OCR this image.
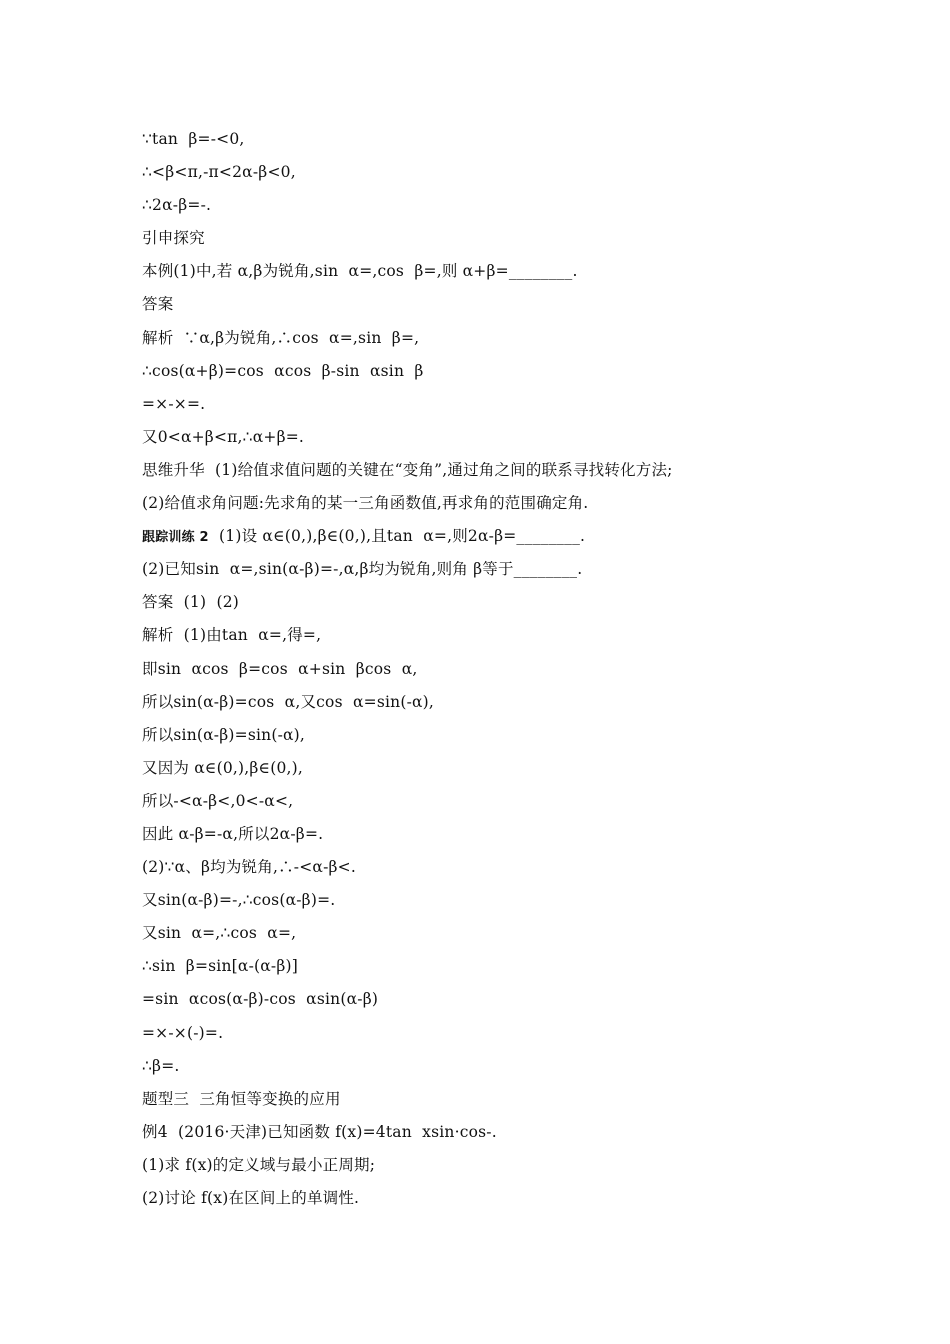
∵tan  β=-<0,
∴<β<π,-π<2α-β<0,
∴2α-β=-.
引申探究
本例(1)中,若 α,β为锐角,sin  α=,cos  β=,则 α+β=________.
答案
解析  ∵α,β为锐角,∴cos  α=,sin  β=,
∴cos(α+β)=cos  αcos  β-sin  αsin  β
=×-×=.
又0<α+β<π,∴α+β=.
思维升华  (1)给值求值问题的关键在“变角”,通过角之间的联系寻找转化方法;
(2)给值求角问题:先求角的某一三角函数值,再求角的范围确定角.
跟踪训练 2  (1)设 α∈(0,),β∈(0,),且tan  α=,则2α-β=________.
(2)已知sin  α=,sin(α-β)=-,α,β均为锐角,则角 β等于________.
答案  (1)  (2)
解析  (1)由tan  α=,得=,
即sin  αcos  β=cos  α+sin  βcos  α,
所以sin(α-β)=cos  α,又cos  α=sin(-α),
所以sin(α-β)=sin(-α),
又因为 α∈(0,),β∈(0,),
所以-<α-β<,0<-α<,
因此 α-β=-α,所以2α-β=.
(2)∵α、β均为锐角,∴-<α-β<.
又sin(α-β)=-,∴cos(α-β)=.
又sin  α=,∴cos  α=,
∴sin  β=sin[α-(α-β)]
=sin  αcos(α-β)-cos  αsin(α-β)
=×-×(-)=.
∴β=.
题型三  三角恒等变换的应用
例4  (2016·天津)已知函数 f(x)=4tan  xsin·cos-.
(1)求 f(x)的定义域与最小正周期;
(2)讨论 f(x)在区间上的单调性.
